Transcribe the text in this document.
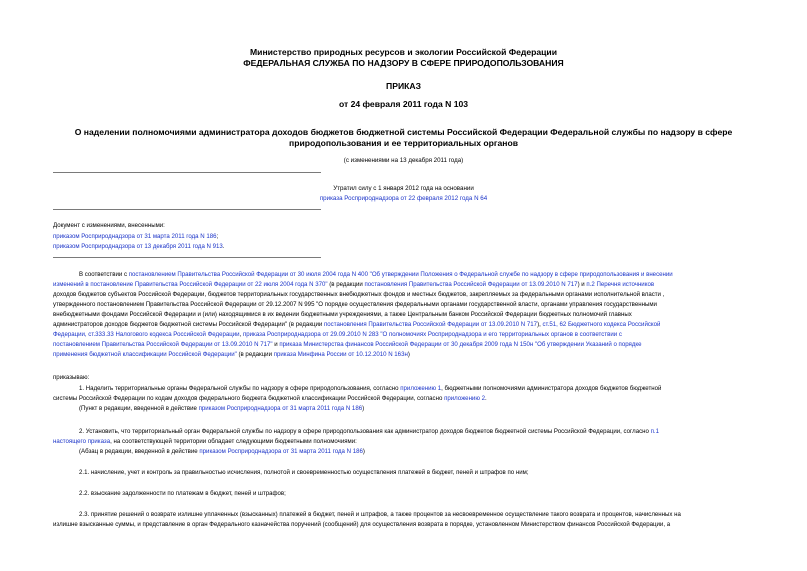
Министерство природных ресурсов и экологии Российской Федерации
ФЕДЕРАЛЬНАЯ СЛУЖБА ПО НАДЗОРУ В СФЕРЕ ПРИРОДОПОЛЬЗОВАНИЯ
ПРИКАЗ
от 24 февраля 2011 года N 103
О наделении полномочиями администратора доходов бюджетов бюджетной системы Российской Федерации Федеральной службы по надзору в сфере
природопользования и ее территориальных органов
(с изменениями на 13 декабря 2011 года)
Утратил силу с 1 января 2012 года на основании
приказа Росприроднадзора от 22 февраля 2012 года N 64
Документ с изменениями, внесенными:
приказом Росприроднадзора от 31 марта 2011 года N 186;
приказом Росприроднадзора от 13 декабря 2011 года N 913.
В соответствии с постановлением Правительства Российской Федерации от 30 июля 2004 года N 400 "Об утверждении Положения о Федеральной службе по надзору в сфере природопользования и внесении
изменений в постановление Правительства Российской Федерации от 22 июля 2004 года N 370" (в редакции постановления Правительства Российской Федерации от 13.09.2010 N 717) и п.2 Перечня источников
доходов бюджетов субъектов Российской Федерации, бюджетов территориальных государственных внебюджетных фондов и местных бюджетов, закрепляемых за федеральными органами исполнительной власти ,
утвержденного постановлением Правительства Российской Федерации от 29.12.2007 N 995 "О порядке осуществления федеральными органами государственной власти, органами управления государственными
внебюджетными фондами Российской Федерации и (или) находящимися в их ведении бюджетными учреждениями, а также Центральным банком Российской Федерации бюджетных полномочий главных
администраторов доходов бюджетов бюджетной системы Российской Федерации" (в редакции постановления Правительства Российской Федерации от 13.09.2010 N 717), ст.51, 62 Бюджетного кодекса Российской
Федерации, ст.333.33 Налогового кодекса Российской Федерации, приказа Росприроднадзора от 29.09.2010 N 283 "О полномочиях Росприроднадзора и его территориальных органов в соответствии с
постановлением Правительства Российской Федерации от 13.09.2010 N 717" и приказа Министерства финансов Российской Федерации от 30 декабря 2009 года N 150н "Об утверждении Указаний о порядке
применения бюджетной классификации Российской Федерации" (в редакции приказа Минфина России от 10.12.2010 N 163н)
приказываю:
1. Наделить территориальные органы Федеральной службы по надзору в сфере природопользования, согласно приложению 1, бюджетными полномочиями администратора доходов бюджетов бюджетной
системы Российской Федерации по кодам доходов федерального бюджета бюджетной классификации Российской Федерации, согласно приложению 2.
(Пункт в редакции, введенной в действие приказом Росприроднадзора от 31 марта 2011 года N 186)
2. Установить, что территориальный орган Федеральной службы по надзору в сфере природопользования как администратор доходов бюджетов бюджетной системы Российской Федерации, согласно п.1
настоящего приказа, на соответствующей территории обладает следующими бюджетными полномочиями:
(Абзац в редакции, введенной в действие приказом Росприроднадзора от 31 марта 2011 года N 186)
2.1. начисление, учет и контроль за правильностью исчисления, полнотой и своевременностью осуществления платежей в бюджет, пеней и штрафов по ним;
2.2. взыскание задолженности по платежам в бюджет, пеней и штрафов;
2.3. принятие решений о возврате излишне уплаченных (взысканных) платежей в бюджет, пеней и штрафов, а также процентов за несвоевременное осуществление такого возврата и процентов, начисленных на
излишне взысканные суммы, и представление в орган Федерального казначейства поручений (сообщений) для осуществления возврата в порядке, установленном Министерством финансов Российской Федерации, а
